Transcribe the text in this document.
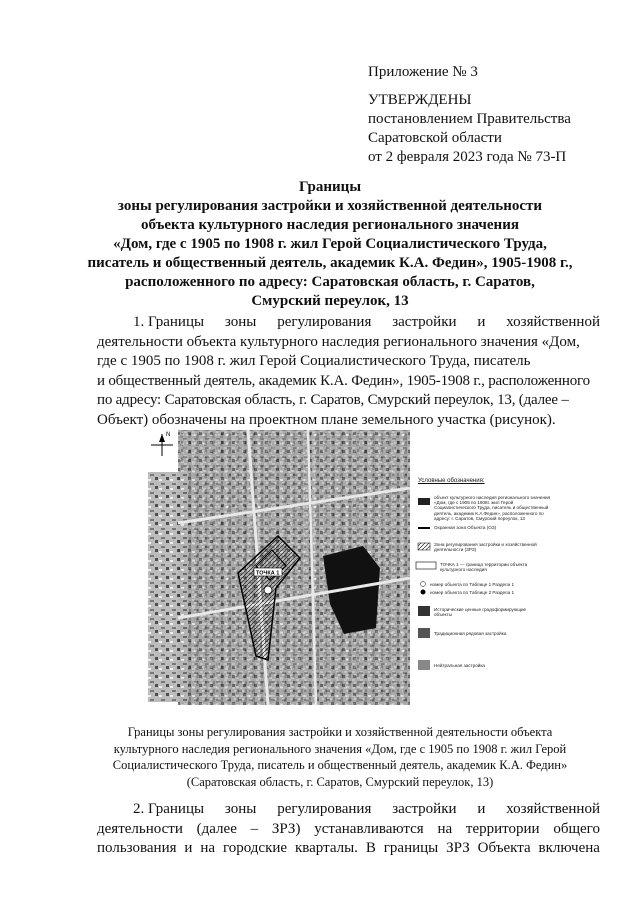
Приложение № 3
УТВЕРЖДЕНЫ
постановлением Правительства
Саратовской области
от 2 февраля 2023 года № 73-П
Границы
зоны регулирования застройки и хозяйственной деятельности
объекта культурного наследия регионального значения
«Дом, где с 1905 по 1908 г. жил Герой Социалистического Труда,
писатель и общественный деятель, академик К.А. Федин», 1905-1908 г.,
расположенного по адресу: Саратовская область, г. Саратов,
Смурский переулок, 13
1. Границы зоны регулирования застройки и хозяйственной
деятельности объекта культурного наследия регионального значения «Дом,
где с 1905 по 1908 г. жил Герой Социалистического Труда, писатель
и общественный деятель, академик К.А. Федин», 1905-1908 г., расположенного
по адресу: Саратовская область, г. Саратов, Смурский переулок, 13, (далее –
Объект) обозначены на проектном плане земельного участка (рисунок).
N
ТОЧКА 1
Условные обозначения:
объект культурного наследия регионального значения «Дом, где с 1905 по 1908г. жил Герой Социалистического Труда, писатель и общественный деятель, академик К.А.Федин», расположенного по адресу: г. Саратов, Смурский переулок, 13
Охранная зона Объекта (ОЗ)
Зона регулирования застройки и хозяйственной деятельности (ЗРЗ)
ТОЧКА 1 — граница территории объекта культурного наследия
номер объекта по Таблице 1 Раздела 1
номер объекта по Таблице 2 Раздела 1
Исторические ценные градоформирующие объекты
Традиционная рядовая застройка
Нейтральная застройка
Границы зоны регулирования застройки и хозяйственной деятельности объекта
культурного наследия регионального значения «Дом, где с 1905 по 1908 г. жил Герой
Социалистического Труда, писатель и общественный деятель, академик К.А. Федин»
(Саратовская область, г. Саратов, Смурский переулок, 13)
2. Границы зоны регулирования застройки и хозяйственной
деятельности (далее – ЗРЗ) устанавливаются на территории общего
пользования и на городские кварталы. В границы ЗРЗ Объекта включена
